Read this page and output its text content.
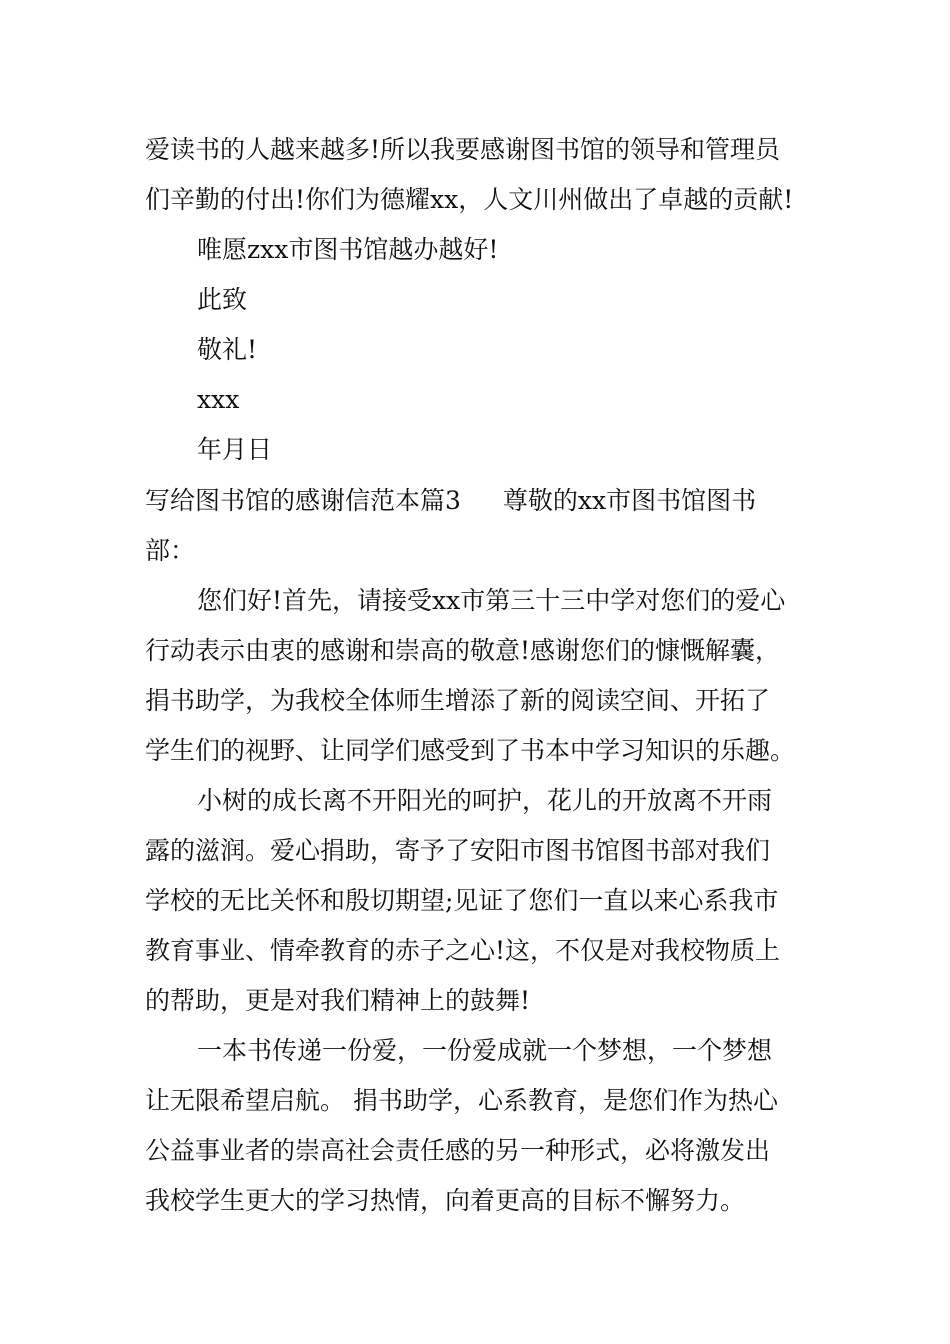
爱读书的人越来越多!所以我要感谢图书馆的领导和管理员
们辛勤的付出!你们为德耀xx，人文川州做出了卓越的贡献!
唯愿zxx市图书馆越办越好!
此致
敬礼!
xxx
年月日
写给图书馆的感谢信范本篇3 尊敬的xx市图书馆图书
部：
您们好!首先，请接受xx市第三十三中学对您们的爱心
行动表示由衷的感谢和崇高的敬意!感谢您们的慷慨解囊，
捐书助学，为我校全体师生增添了新的阅读空间、开拓了
学生们的视野、让同学们感受到了书本中学习知识的乐趣。
小树的成长离不开阳光的呵护，花儿的开放离不开雨
露的滋润。爱心捐助，寄予了安阳市图书馆图书部对我们
学校的无比关怀和殷切期望;见证了您们一直以来心系我市
教育事业、情牵教育的赤子之心!这，不仅是对我校物质上
的帮助，更是对我们精神上的鼓舞!
一本书传递一份爱，一份爱成就一个梦想，一个梦想
让无限希望启航。 捐书助学，心系教育，是您们作为热心
公益事业者的崇高社会责任感的另一种形式，必将激发出
我校学生更大的学习热情，向着更高的目标不懈努力。
